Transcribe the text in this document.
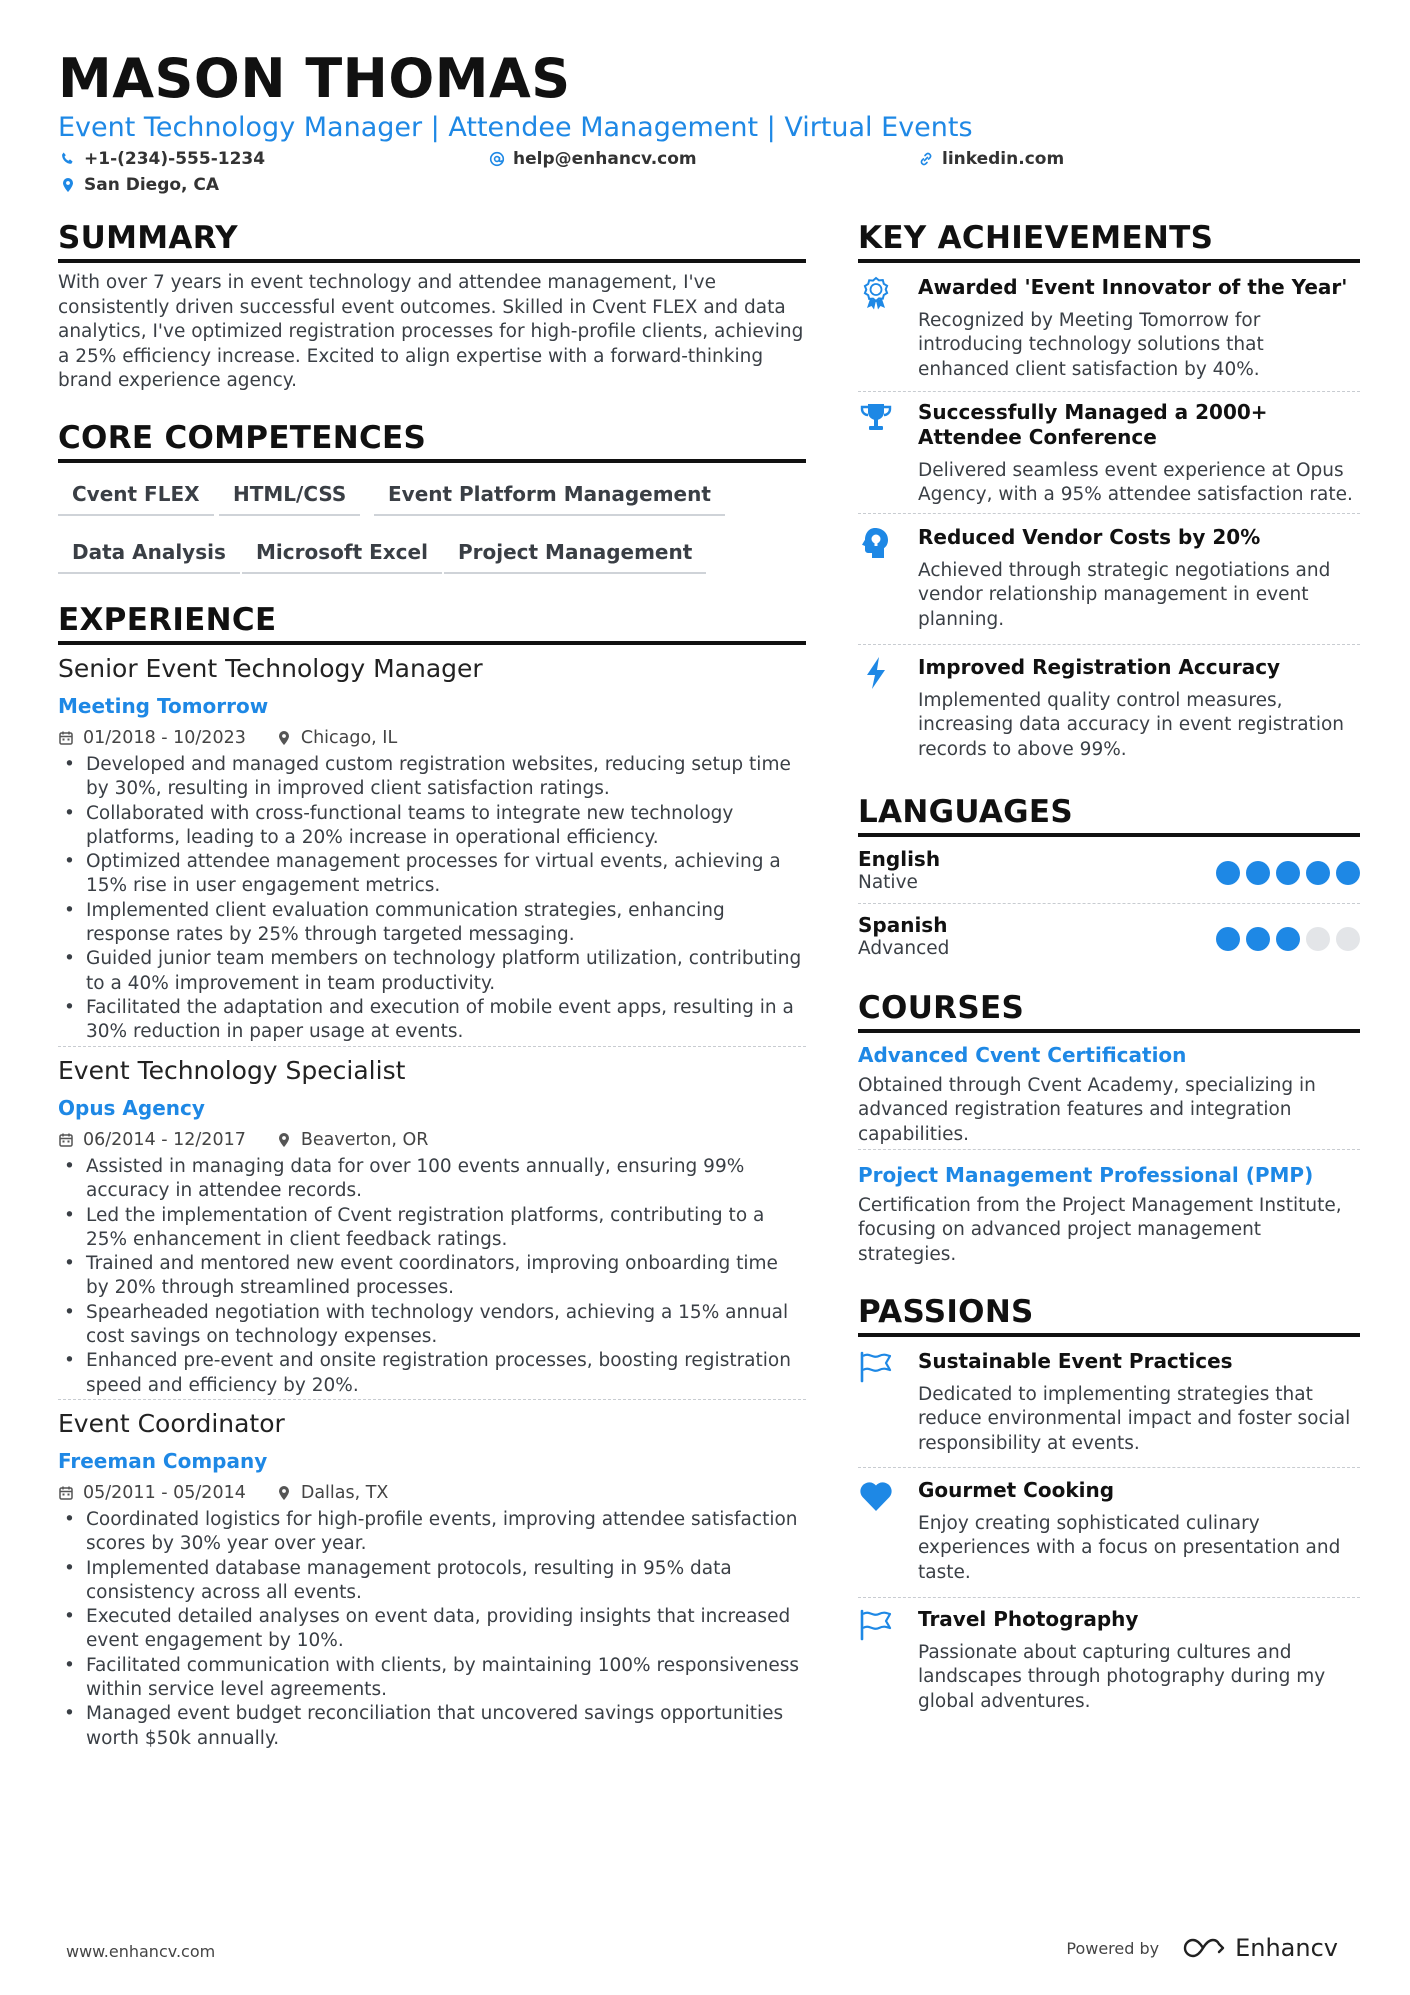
MASON THOMAS
Event Technology Manager | Attendee Management | Virtual Events
+1-(234)-555-1234	help@enhancv.com	linkedin.com
San Diego, CA
SUMMARY
With over 7 years in event technology and attendee management, I've consistently driven successful event outcomes. Skilled in Cvent FLEX and data analytics, I've optimized registration processes for high-profile clients, achieving a 25% efficiency increase. Excited to align expertise with a forward-thinking brand experience agency.
CORE COMPETENCES
Cvent FLEX	HTML/CSS	Event Platform Management
Data Analysis	Microsoft Excel	Project Management
EXPERIENCE
Senior Event Technology Manager
Meeting Tomorrow
01/2018 - 10/2023	Chicago, IL
• Developed and managed custom registration websites, reducing setup time by 30%, resulting in improved client satisfaction ratings.
• Collaborated with cross-functional teams to integrate new technology platforms, leading to a 20% increase in operational efficiency.
• Optimized attendee management processes for virtual events, achieving a 15% rise in user engagement metrics.
• Implemented client evaluation communication strategies, enhancing response rates by 25% through targeted messaging.
• Guided junior team members on technology platform utilization, contributing to a 40% improvement in team productivity.
• Facilitated the adaptation and execution of mobile event apps, resulting in a 30% reduction in paper usage at events.
Event Technology Specialist
Opus Agency
06/2014 - 12/2017	Beaverton, OR
• Assisted in managing data for over 100 events annually, ensuring 99% accuracy in attendee records.
• Led the implementation of Cvent registration platforms, contributing to a 25% enhancement in client feedback ratings.
• Trained and mentored new event coordinators, improving onboarding time by 20% through streamlined processes.
• Spearheaded negotiation with technology vendors, achieving a 15% annual cost savings on technology expenses.
• Enhanced pre-event and onsite registration processes, boosting registration speed and efficiency by 20%.
Event Coordinator
Freeman Company
05/2011 - 05/2014	Dallas, TX
• Coordinated logistics for high-profile events, improving attendee satisfaction scores by 30% year over year.
• Implemented database management protocols, resulting in 95% data consistency across all events.
• Executed detailed analyses on event data, providing insights that increased event engagement by 10%.
• Facilitated communication with clients, by maintaining 100% responsiveness within service level agreements.
• Managed event budget reconciliation that uncovered savings opportunities worth $50k annually.
KEY ACHIEVEMENTS
Awarded 'Event Innovator of the Year'
Recognized by Meeting Tomorrow for introducing technology solutions that enhanced client satisfaction by 40%.
Successfully Managed a 2000+ Attendee Conference
Delivered seamless event experience at Opus Agency, with a 95% attendee satisfaction rate.
Reduced Vendor Costs by 20%
Achieved through strategic negotiations and vendor relationship management in event planning.
Improved Registration Accuracy
Implemented quality control measures, increasing data accuracy in event registration records to above 99%.
LANGUAGES
English
Native
Spanish
Advanced
COURSES
Advanced Cvent Certification
Obtained through Cvent Academy, specializing in advanced registration features and integration capabilities.
Project Management Professional (PMP)
Certification from the Project Management Institute, focusing on advanced project management strategies.
PASSIONS
Sustainable Event Practices
Dedicated to implementing strategies that reduce environmental impact and foster social responsibility at events.
Gourmet Cooking
Enjoy creating sophisticated culinary experiences with a focus on presentation and taste.
Travel Photography
Passionate about capturing cultures and landscapes through photography during my global adventures.
www.enhancv.com	Powered by	Enhancv
